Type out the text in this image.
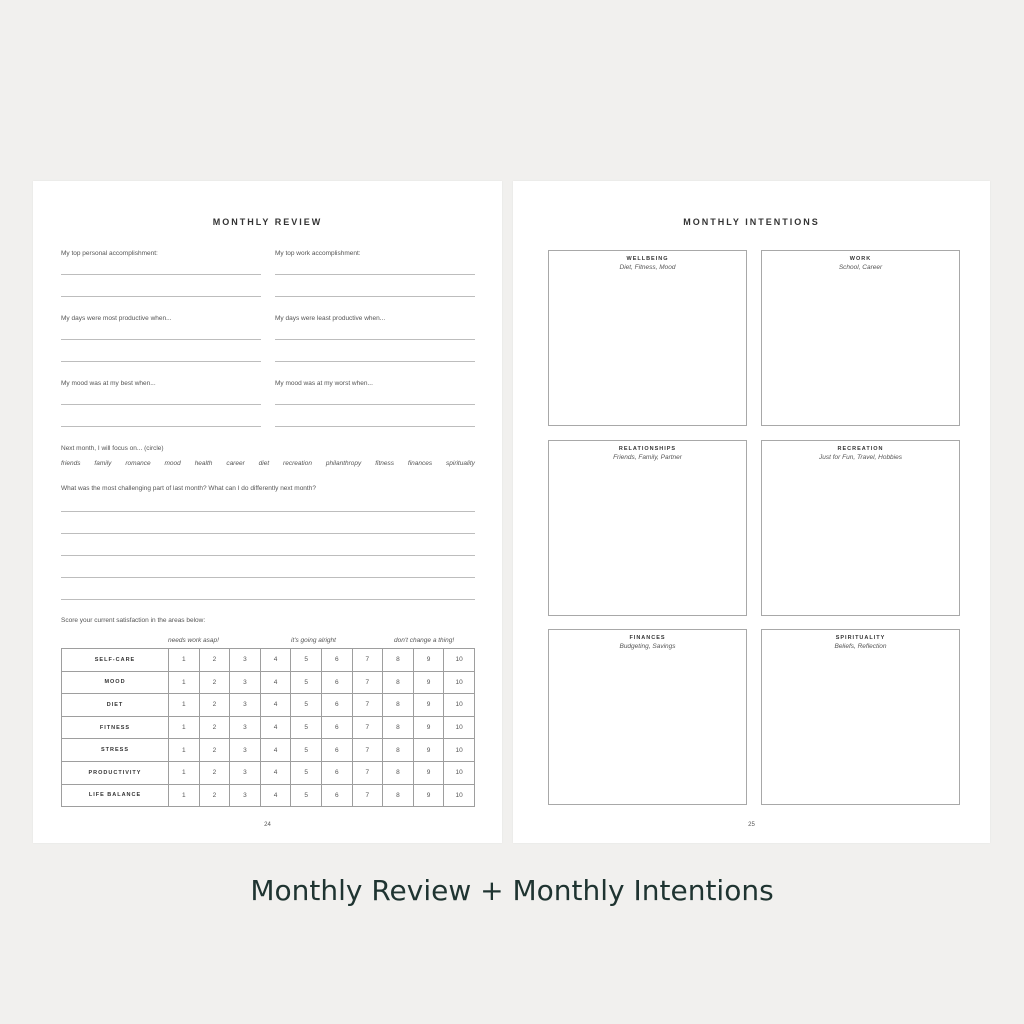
MONTHLY REVIEW
My top personal accomplishment:	My top work accomplishment:
My days were most productive when...	My days were least productive when...
My mood was at my best when...	My mood was at my worst when...
Next month, I will focus on... (circle)
friends family romance mood health career diet recreation philanthropy fitness finances spirituality
What was the most challenging part of last month? What can I do differently next month?
Score your current satisfaction in the areas below:
needs work asap!	it's going alright	don't change a thing!
SELF-CARE	1	2	3	4	5	6	7	8	9	10
MOOD	1	2	3	4	5	6	7	8	9	10
DIET	1	2	3	4	5	6	7	8	9	10
FITNESS	1	2	3	4	5	6	7	8	9	10
STRESS	1	2	3	4	5	6	7	8	9	10
PRODUCTIVITY	1	2	3	4	5	6	7	8	9	10
LIFE BALANCE	1	2	3	4	5	6	7	8	9	10
24
MONTHLY INTENTIONS
WELLBEING
Diet, Fitness, Mood
WORK
School, Career
RELATIONSHIPS
Friends, Family, Partner
RECREATION
Just for Fun, Travel, Hobbies
FINANCES
Budgeting, Savings
SPIRITUALITY
Beliefs, Reflection
25
Monthly Review + Monthly Intentions
